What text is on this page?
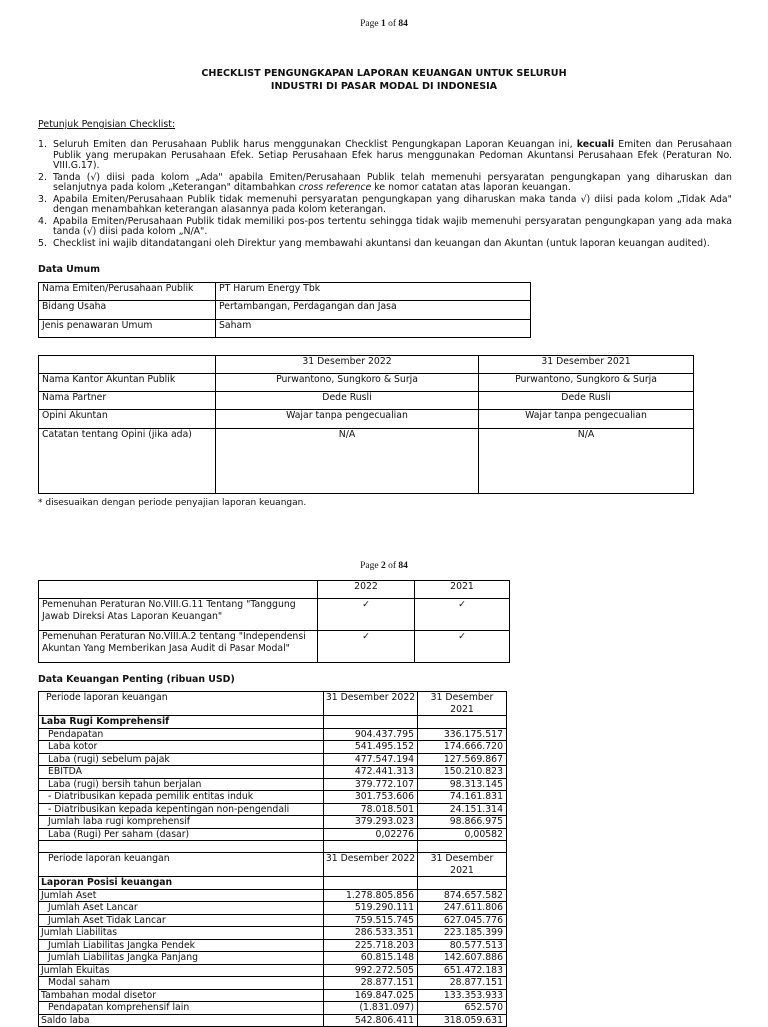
Page 1 of 84
CHECKLIST PENGUNGKAPAN LAPORAN KEUANGAN UNTUK SELURUH
INDUSTRI DI PASAR MODAL DI INDONESIA
Petunjuk Pengisian Checklist:
1. Seluruh Emiten dan Perusahaan Publik harus menggunakan Checklist Pengungkapan Laporan Keuangan ini, kecuali Emiten dan Perusahaan Publik yang merupakan Perusahaan Efek. Setiap Perusahaan Efek harus menggunakan Pedoman Akuntansi Perusahaan Efek (Peraturan No. VIII.G.17).
2. Tanda (√) diisi pada kolom „Ada" apabila Emiten/Perusahaan Publik telah memenuhi persyaratan pengungkapan yang diharuskan dan selanjutnya pada kolom „Keterangan" ditambahkan cross reference ke nomor catatan atas laporan keuangan.
3. Apabila Emiten/Perusahaan Publik tidak memenuhi persyaratan pengungkapan yang diharuskan maka tanda √) diisi pada kolom „Tidak Ada" dengan menambahkan keterangan alasannya pada kolom keterangan.
4. Apabila Emiten/Perusahaan Publik tidak memiliki pos-pos tertentu sehingga tidak wajib memenuhi persyaratan pengungkapan yang ada maka tanda (√) diisi pada kolom „N/A".
5. Checklist ini wajib ditandatangani oleh Direktur yang membawahi akuntansi dan keuangan dan Akuntan (untuk laporan keuangan audited).
Data Umum
Nama Emiten/Perusahaan Publik	PT Harum Energy Tbk
Bidang Usaha	Pertambangan, Perdagangan dan Jasa
Jenis penawaran Umum	Saham
	31 Desember 2022	31 Desember 2021
Nama Kantor Akuntan Publik	Purwantono, Sungkoro & Surja	Purwantono, Sungkoro & Surja
Nama Partner	Dede Rusli	Dede Rusli
Opini Akuntan	Wajar tanpa pengecualian	Wajar tanpa pengecualian
Catatan tentang Opini (jika ada)	N/A	N/A
* disesuaikan dengan periode penyajian laporan keuangan.
Page 2 of 84
	2022	2021
Pemenuhan Peraturan No.VIII.G.11 Tentang "Tanggung Jawab Direksi Atas Laporan Keuangan"	✓	✓
Pemenuhan Peraturan No.VIII.A.2 tentang "Independensi Akuntan Yang Memberikan Jasa Audit di Pasar Modal"	✓	✓
Data Keuangan Penting (ribuan USD)
Periode laporan keuangan	31 Desember 2022	31 Desember 2021
Laba Rugi Komprehensif		
Pendapatan	904.437.795	336.175.517
Laba kotor	541.495.152	174.666.720
Laba (rugi) sebelum pajak	477.547.194	127.569.867
EBITDA	472.441.313	150.210.823
Laba (rugi) bersih tahun berjalan	379.772.107	98.313.145
- Diatribusikan kepada pemilik entitas induk	301.753.606	74.161.831
- Diatribusikan kepada kepentingan non-pengendali	78.018.501	24.151.314
Jumlah laba rugi komprehensif	379.293.023	98.866.975
Laba (Rugi) Per saham (dasar)	0,02276	0,00582

Periode laporan keuangan	31 Desember 2022	31 Desember 2021
Laporan Posisi keuangan		
Jumlah Aset	1.278.805.856	874.657.582
Jumlah Aset Lancar	519.290.111	247.611.806
Jumlah Aset Tidak Lancar	759.515.745	627.045.776
Jumlah Liabilitas	286.533.351	223.185.399
Jumlah Liabilitas Jangka Pendek	225.718.203	80.577.513
Jumlah Liabilitas Jangka Panjang	60.815.148	142.607.886
Jumlah Ekuitas	992.272.505	651.472.183
Modal saham	28.877.151	28.877.151
Tambahan modal disetor	169.847.025	133.353.933
Pendapatan komprehensif lain	(1.831.097)	652.570
Saldo laba	542.806.411	318.059.631
